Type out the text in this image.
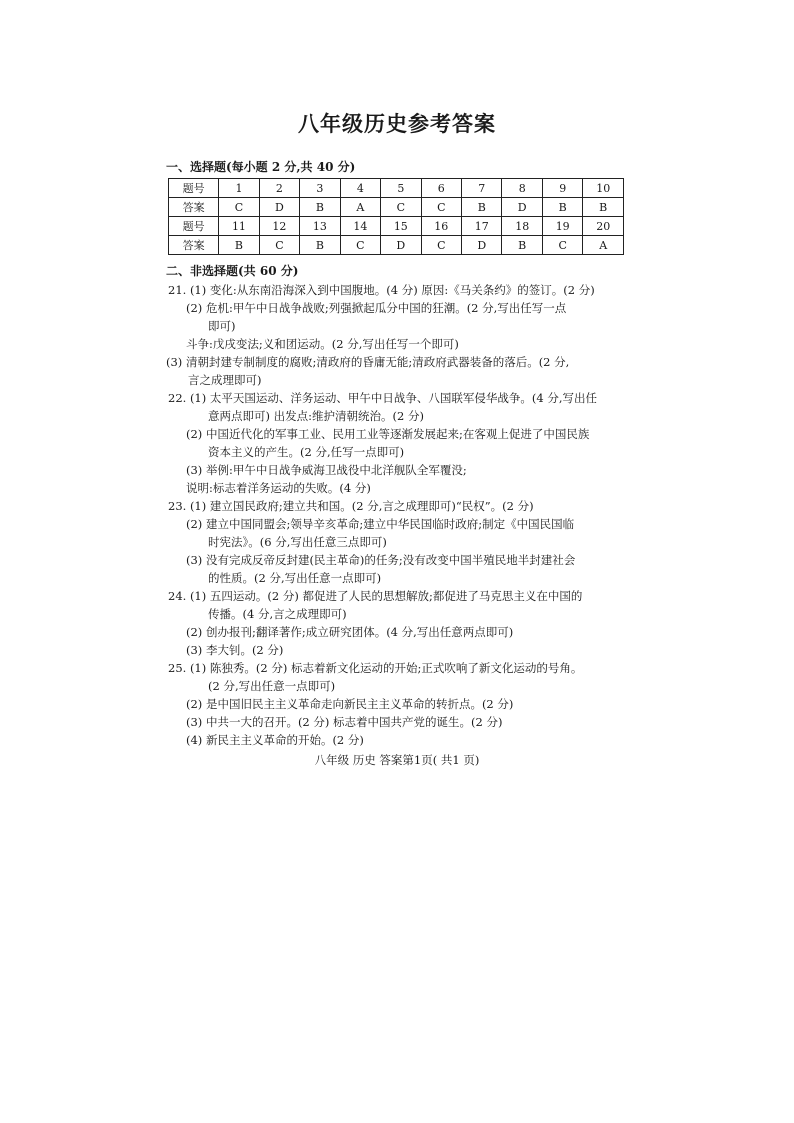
八年级历史参考答案
一、选择题(每小题 2 分,共 40 分)
题号	1	2	3	4	5	6	7	8	9	10
答案	C	D	B	A	C	C	B	D	B	B
题号	11	12	13	14	15	16	17	18	19	20
答案	B	C	B	C	D	C	D	B	C	A
二、非选择题(共 60 分)
21. (1) 变化:从东南沿海深入到中国腹地。(4 分) 原因:《马关条约》的签订。(2 分)
(2) 危机:甲午中日战争战败;列强掀起瓜分中国的狂潮。(2 分,写出任写一点
即可)
斗争:戊戌变法;义和团运动。(2 分,写出任写一个即可)
(3) 清朝封建专制制度的腐败;清政府的昏庸无能;清政府武器装备的落后。(2 分,
言之成理即可)
22. (1) 太平天国运动、洋务运动、甲午中日战争、八国联军侵华战争。(4 分,写出任
意两点即可) 出发点:维护清朝统治。(2 分)
(2) 中国近代化的军事工业、民用工业等逐渐发展起来;在客观上促进了中国民族
资本主义的产生。(2 分,任写一点即可)
(3) 举例:甲午中日战争威海卫战役中北洋舰队全军覆没;
说明:标志着洋务运动的失败。(4 分)
23. (1) 建立国民政府;建立共和国。(2 分,言之成理即可)“民权”。(2 分)
(2) 建立中国同盟会;领导辛亥革命;建立中华民国临时政府;制定《中国民国临
时宪法》。(6 分,写出任意三点即可)
(3) 没有完成反帝反封建(民主革命)的任务;没有改变中国半殖民地半封建社会
的性质。(2 分,写出任意一点即可)
24. (1) 五四运动。(2 分) 都促进了人民的思想解放;都促进了马克思主义在中国的
传播。(4 分,言之成理即可)
(2) 创办报刊;翻译著作;成立研究团体。(4 分,写出任意两点即可)
(3) 李大钊。(2 分)
25. (1) 陈独秀。(2 分) 标志着新文化运动的开始;正式吹响了新文化运动的号角。
(2 分,写出任意一点即可)
(2) 是中国旧民主主义革命走向新民主主义革命的转折点。(2 分)
(3) 中共一大的召开。(2 分) 标志着中国共产党的诞生。(2 分)
(4) 新民主主义革命的开始。(2 分)
八年级 历史 答案第1页( 共1 页)
